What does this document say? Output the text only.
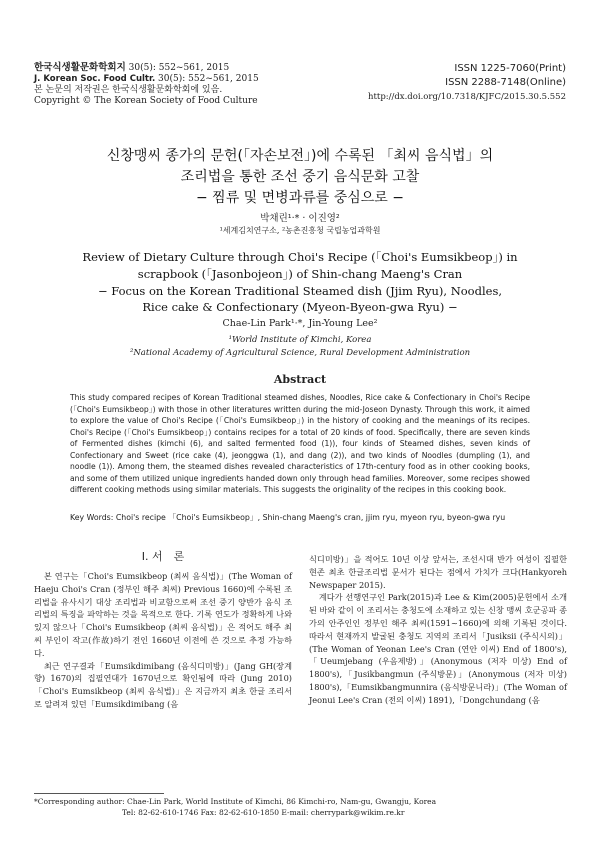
한국식생활문화학회지 30(5): 552~561, 2015
J. Korean Soc. Food Cultr. 30(5): 552~561, 2015
본 논문의 저작권은 한국식생활문화학회에 있음.
Copyright © The Korean Society of Food Culture
ISSN 1225-7060(Print)
ISSN 2288-7148(Online)
http://dx.doi.org/10.7318/KJFC/2015.30.5.552
신창맹씨 종가의 문헌(「자손보전」)에 수록된 「최씨 음식법」의
조리법을 통한 조선 중기 음식문화 고찰
− 찜류 및 면병과류를 중심으로 −
박채린¹·* · 이진영²
¹세계김치연구소, ²농촌진흥청 국립농업과학원
Review of Dietary Culture through Choi's Recipe (「Choi's Eumsikbeop」) in
scrapbook (「Jasonbojeon」) of Shin-chang Maeng's Cran
− Focus on the Korean Traditional Steamed dish (Jjim Ryu), Noodles,
Rice cake & Confectionary (Myeon-Byeon-gwa Ryu) −
Chae-Lin Park¹·*, Jin-Young Lee²
¹World Institute of Kimchi, Korea
²National Academy of Agricultural Science, Rural Development Administration
Abstract
This study compared recipes of Korean Traditional steamed dishes, Noodles, Rice cake & Confectionary in Choi's Recipe (「Choi's Eumsikbeop」) with those in other literatures written during the mid-Joseon Dynasty. Through this work, it aimed to explore the value of Choi's Recipe (「Choi's Eumsikbeop」) in the history of cooking and the meanings of its recipes. Choi's Recipe (「Choi's Eumsikbeop」) contains recipes for a total of 20 kinds of food. Specifically, there are seven kinds of Fermented dishes (kimchi (6), and salted fermented food (1)), four kinds of Steamed dishes, seven kinds of Confectionary and Sweet (rice cake (4), jeonggwa (1), and dang (2)), and two kinds of Noodles (dumpling (1), and noodle (1)). Among them, the steamed dishes revealed characteristics of 17th-century food as in other cooking books, and some of them utilized unique ingredients handed down only through head families. Moreover, some recipes showed different cooking methods using similar materials. This suggests the originality of the recipes in this cooking book.
Key Words: Choi's recipe 「Choi's Eumsikbeop」, Shin-chang Maeng's cran, jjim ryu, myeon ryu, byeon-gwa ryu
I. 서　론

본 연구는「Choi's Eumsikbeop (최씨 음식법)」(The Woman of Haeju Choi's Cran (정부인 해주 최씨) Previous 1660)에 수록된 조리법을 유사시기 대상 조리법과 비교함으로써 조선 중기 양반가 음식 조리법의 특징을 파악하는 것을 목적으로 한다. 기록 연도가 정확하게 나와 있지 않으나「Choi's Eumsikbeop (최씨 음식법)」은 적어도 해주 최씨 부인이 작고(作故)하기 전인 1660년 이전에 쓴 것으로 추정 가능하다.

최근 연구결과「Eumsikdimibang (음식디미방)」(Jang GH(장계향) 1670)의 집필연대가 1670년으로 확인됨에 따라 (Jung 2010)「Choi's Eumsikbeop (최씨 음식법)」은 지금까지 최초 한글 조리서로 알려져 있던「Eumsikdimibang (음

식디미방)」을 적어도 10년 이상 앞서는, 조선시대 반가 여성이 집필한 현존 최초 한글조리법 문서가 된다는 점에서 가치가 크다(Hankyoreh Newspaper 2015).

계다가 선행연구인 Park(2015)과 Lee & Kim(2005)문헌에서 소개된 바와 같이 이 조리서는 충청도에 소재하고 있는 신창 맹씨 호군공파 종가의 안주인인 정부인 해주 최씨(1591~1660)에 의해 기록된 것이다. 따라서 현재까지 발굴된 충청도 지역의 조리서「Jusiksii (주식시의)」(The Woman of Yeonan Lee's Cran (연안 이씨) End of 1800's),「Ueumjebang (우음제방)」(Anonymous (저자 미상) End of 1800's),「Jusikbangmun (주식방문)」(Anonymous (저자 미상) 1800's),「Eumsikbangmunnira (음식방문니라)」(The Woman of Jeonui Lee's Cran (전의 이씨) 1891),「Dongchundang (음

*Corresponding author: Chae-Lin Park, World Institute of Kimchi, 86 Kimchi-ro, Nam-gu, Gwangju, Korea
Tel: 82-62-610-1746 Fax: 82-62-610-1850 E-mail: cherrypark@wikim.re.kr
